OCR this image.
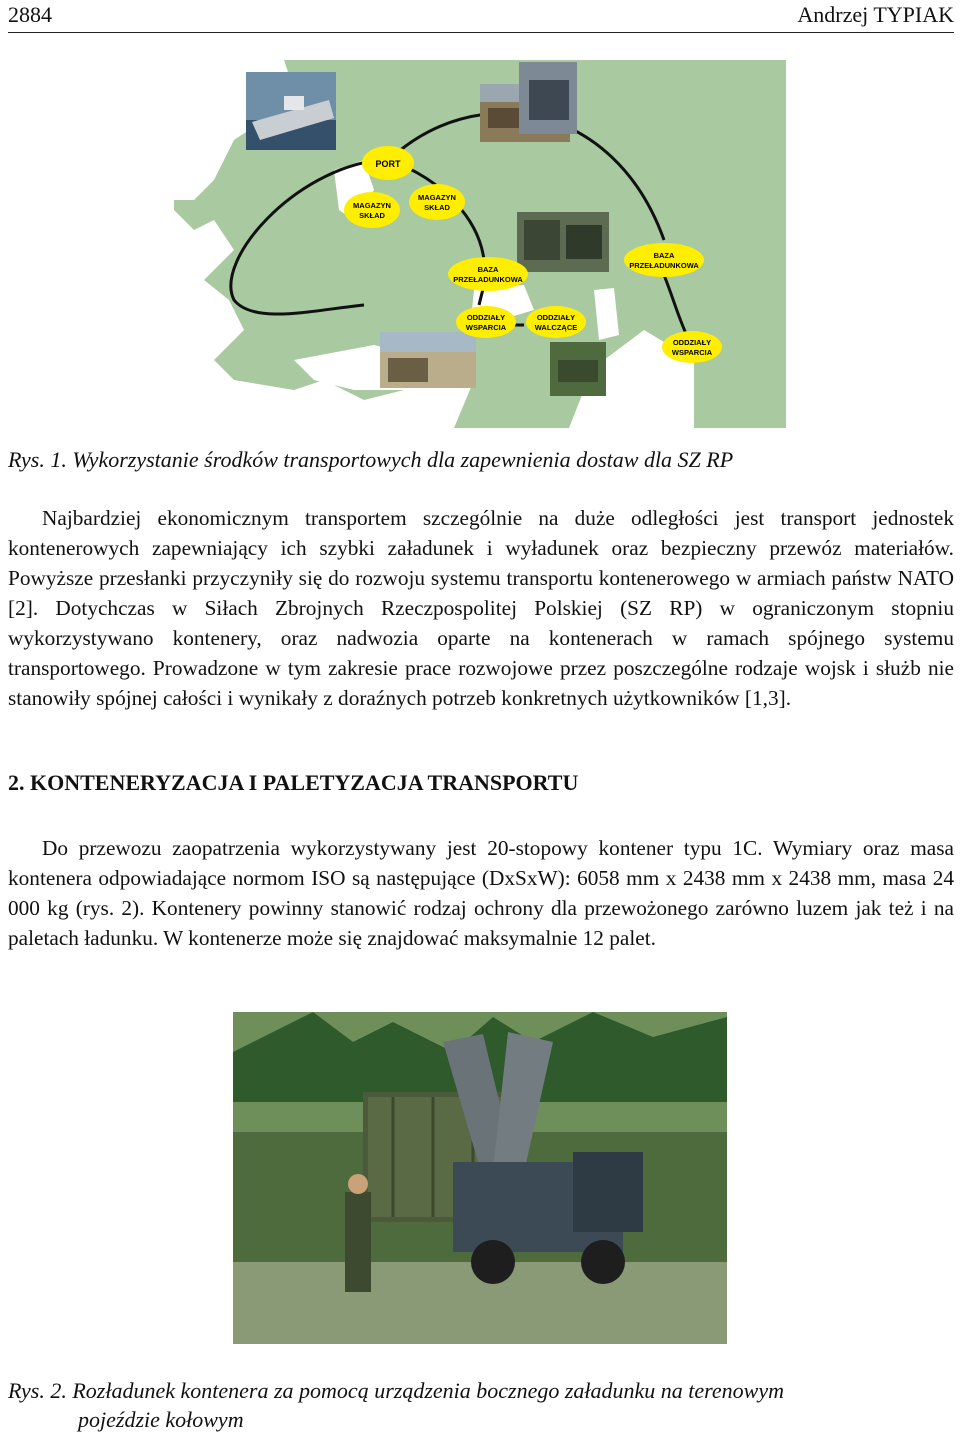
2884	Andrzej TYPIAK
PORT
MAGAZYN
SKŁAD
MAGAZYN
SKŁAD
BAZA
PRZEŁADUNKOWA
BAZA
PRZEŁADUNKOWA
ODDZIAŁY
WSPARCIA
ODDZIAŁY
WALCZĄCE
ODDZIAŁY
WSPARCIA
Rys. 1. Wykorzystanie środków transportowych dla zapewnienia dostaw dla SZ RP
Najbardziej ekonomicznym transportem szczególnie na duże odległości jest transport jednostek kontenerowych zapewniający ich szybki załadunek i wyładunek oraz bezpieczny przewóz materiałów. Powyższe przesłanki przyczyniły się do rozwoju systemu transportu kontenerowego w armiach państw NATO [2]. Dotychczas w Siłach Zbrojnych Rzeczpospolitej Polskiej (SZ RP) w ograniczonym stopniu wykorzystywano kontenery, oraz nadwozia oparte na kontenerach w ramach spójnego systemu transportowego. Prowadzone w tym zakresie prace rozwojowe przez poszczególne rodzaje wojsk i służb nie stanowiły spójnej całości i wynikały z doraźnych potrzeb konkretnych użytkowników [1,3].
2. KONTENERYZACJA I PALETYZACJA TRANSPORTU
Do przewozu zaopatrzenia wykorzystywany jest 20-stopowy kontener typu 1C. Wymiary oraz masa kontenera odpowiadające normom ISO są następujące (DxSxW): 6058 mm x 2438 mm x 2438 mm, masa 24 000 kg (rys. 2). Kontenery powinny stanowić rodzaj ochrony dla przewożonego zarówno luzem jak też i na paletach ładunku. W kontenerze może się znajdować maksymalnie 12 palet.
Rys. 2. Rozładunek kontenera za pomocą urządzenia bocznego załadunku na terenowym
pojeździe kołowym
